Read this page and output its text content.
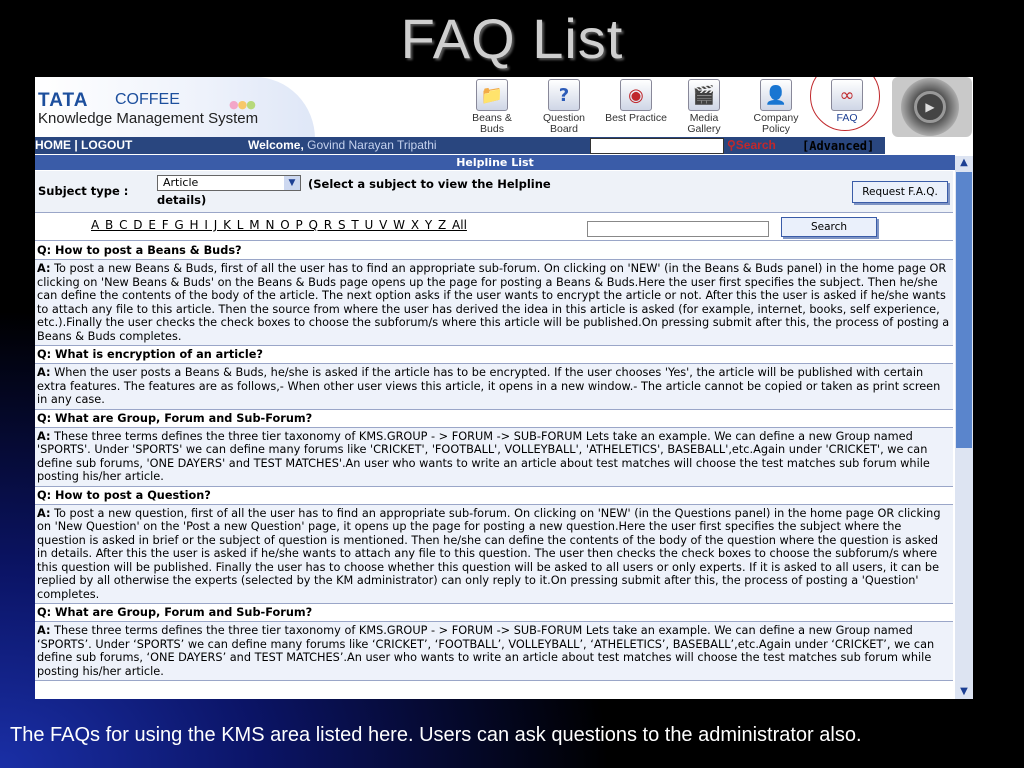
FAQ List
TATA COFFEE	●●●
Knowledge Management System
📁
Beans & Buds
?
Question Board
◉
Best Practice
🎬
Media Gallery
👤
Company Policy
∞
FAQ
▶
HOME | LOGOUT	Welcome, Govind Narayan Tripathi	⚲Search [Advanced]
Helpline List
Subject type :
Article	▼	(Select a subject to view the Helpline
details)
Request F.A.Q.
A B C D E F G H I J K L M N O P Q R S T U V W X Y Z All	Search
Q: How to post a Beans & Buds?
A: To post a new Beans & Buds, first of all the user has to find an appropriate sub-forum. On clicking on 'NEW' (in the Beans & Buds panel) in the home page OR clicking on 'New Beans & Buds' on the Beans & Buds page opens up the page for posting a Beans & Buds.Here the user first specifies the subject. Then he/she can define the contents of the body of the article. The next option asks if the user wants to encrypt the article or not. After this the user is asked if he/she wants to attach any file to this article. Then the source from where the user has derived the idea in this article is asked (for example, internet, books, self experience, etc.).Finally the user checks the check boxes to choose the subforum/s where this article will be published.On pressing submit after this, the process of posting a Beans & Buds completes.
Q: What is encryption of an article?
A: When the user posts a Beans & Buds, he/she is asked if the article has to be encrypted. If the user chooses 'Yes', the article will be published with certain extra features. The features are as follows,- When other user views this article, it opens in a new window.- The article cannot be copied or taken as print screen in any case.
Q: What are Group, Forum and Sub-Forum?
A: These three terms defines the three tier taxonomy of KMS.GROUP - > FORUM -> SUB-FORUM Lets take an example. We can define a new Group named 'SPORTS'. Under 'SPORTS' we can define many forums like 'CRICKET', 'FOOTBALL', VOLLEYBALL', 'ATHELETICS', BASEBALL',etc.Again under 'CRICKET', we can define sub forums, 'ONE DAYERS' and TEST MATCHES'.An user who wants to write an article about test matches will choose the test matches sub forum while posting his/her article.
Q: How to post a Question?
A: To post a new question, first of all the user has to find an appropriate sub-forum. On clicking on 'NEW' (in the Questions panel) in the home page OR clicking on 'New Question' on the 'Post a new Question' page, it opens up the page for posting a new question.Here the user first specifies the subject where the question is asked in brief or the subject of question is mentioned. Then he/she can define the contents of the body of the question where the question is asked in details. After this the user is asked if he/she wants to attach any file to this question. The user then checks the check boxes to choose the subforum/s where this question will be published. Finally the user has to choose whether this question will be asked to all users or only experts. If it is asked to all users, it can be replied by all otherwise the experts (selected by the KM administrator) can only reply to it.On pressing submit after this, the process of posting a 'Question' completes.
Q: What are Group, Forum and Sub-Forum?
A: These three terms defines the three tier taxonomy of KMS.GROUP - > FORUM -> SUB-FORUM Lets take an example. We can define a new Group named ‘SPORTS’. Under ‘SPORTS’ we can define many forums like ‘CRICKET’, ‘FOOTBALL’, VOLLEYBALL’, ‘ATHELETICS’, BASEBALL’,etc.Again under ‘CRICKET’, we can define sub forums, ‘ONE DAYERS’ and TEST MATCHES’.An user who wants to write an article about test matches will choose the test matches sub forum while posting his/her article.
▲
▼
The FAQs for using the KMS area listed here. Users can ask questions to the administrator also.
